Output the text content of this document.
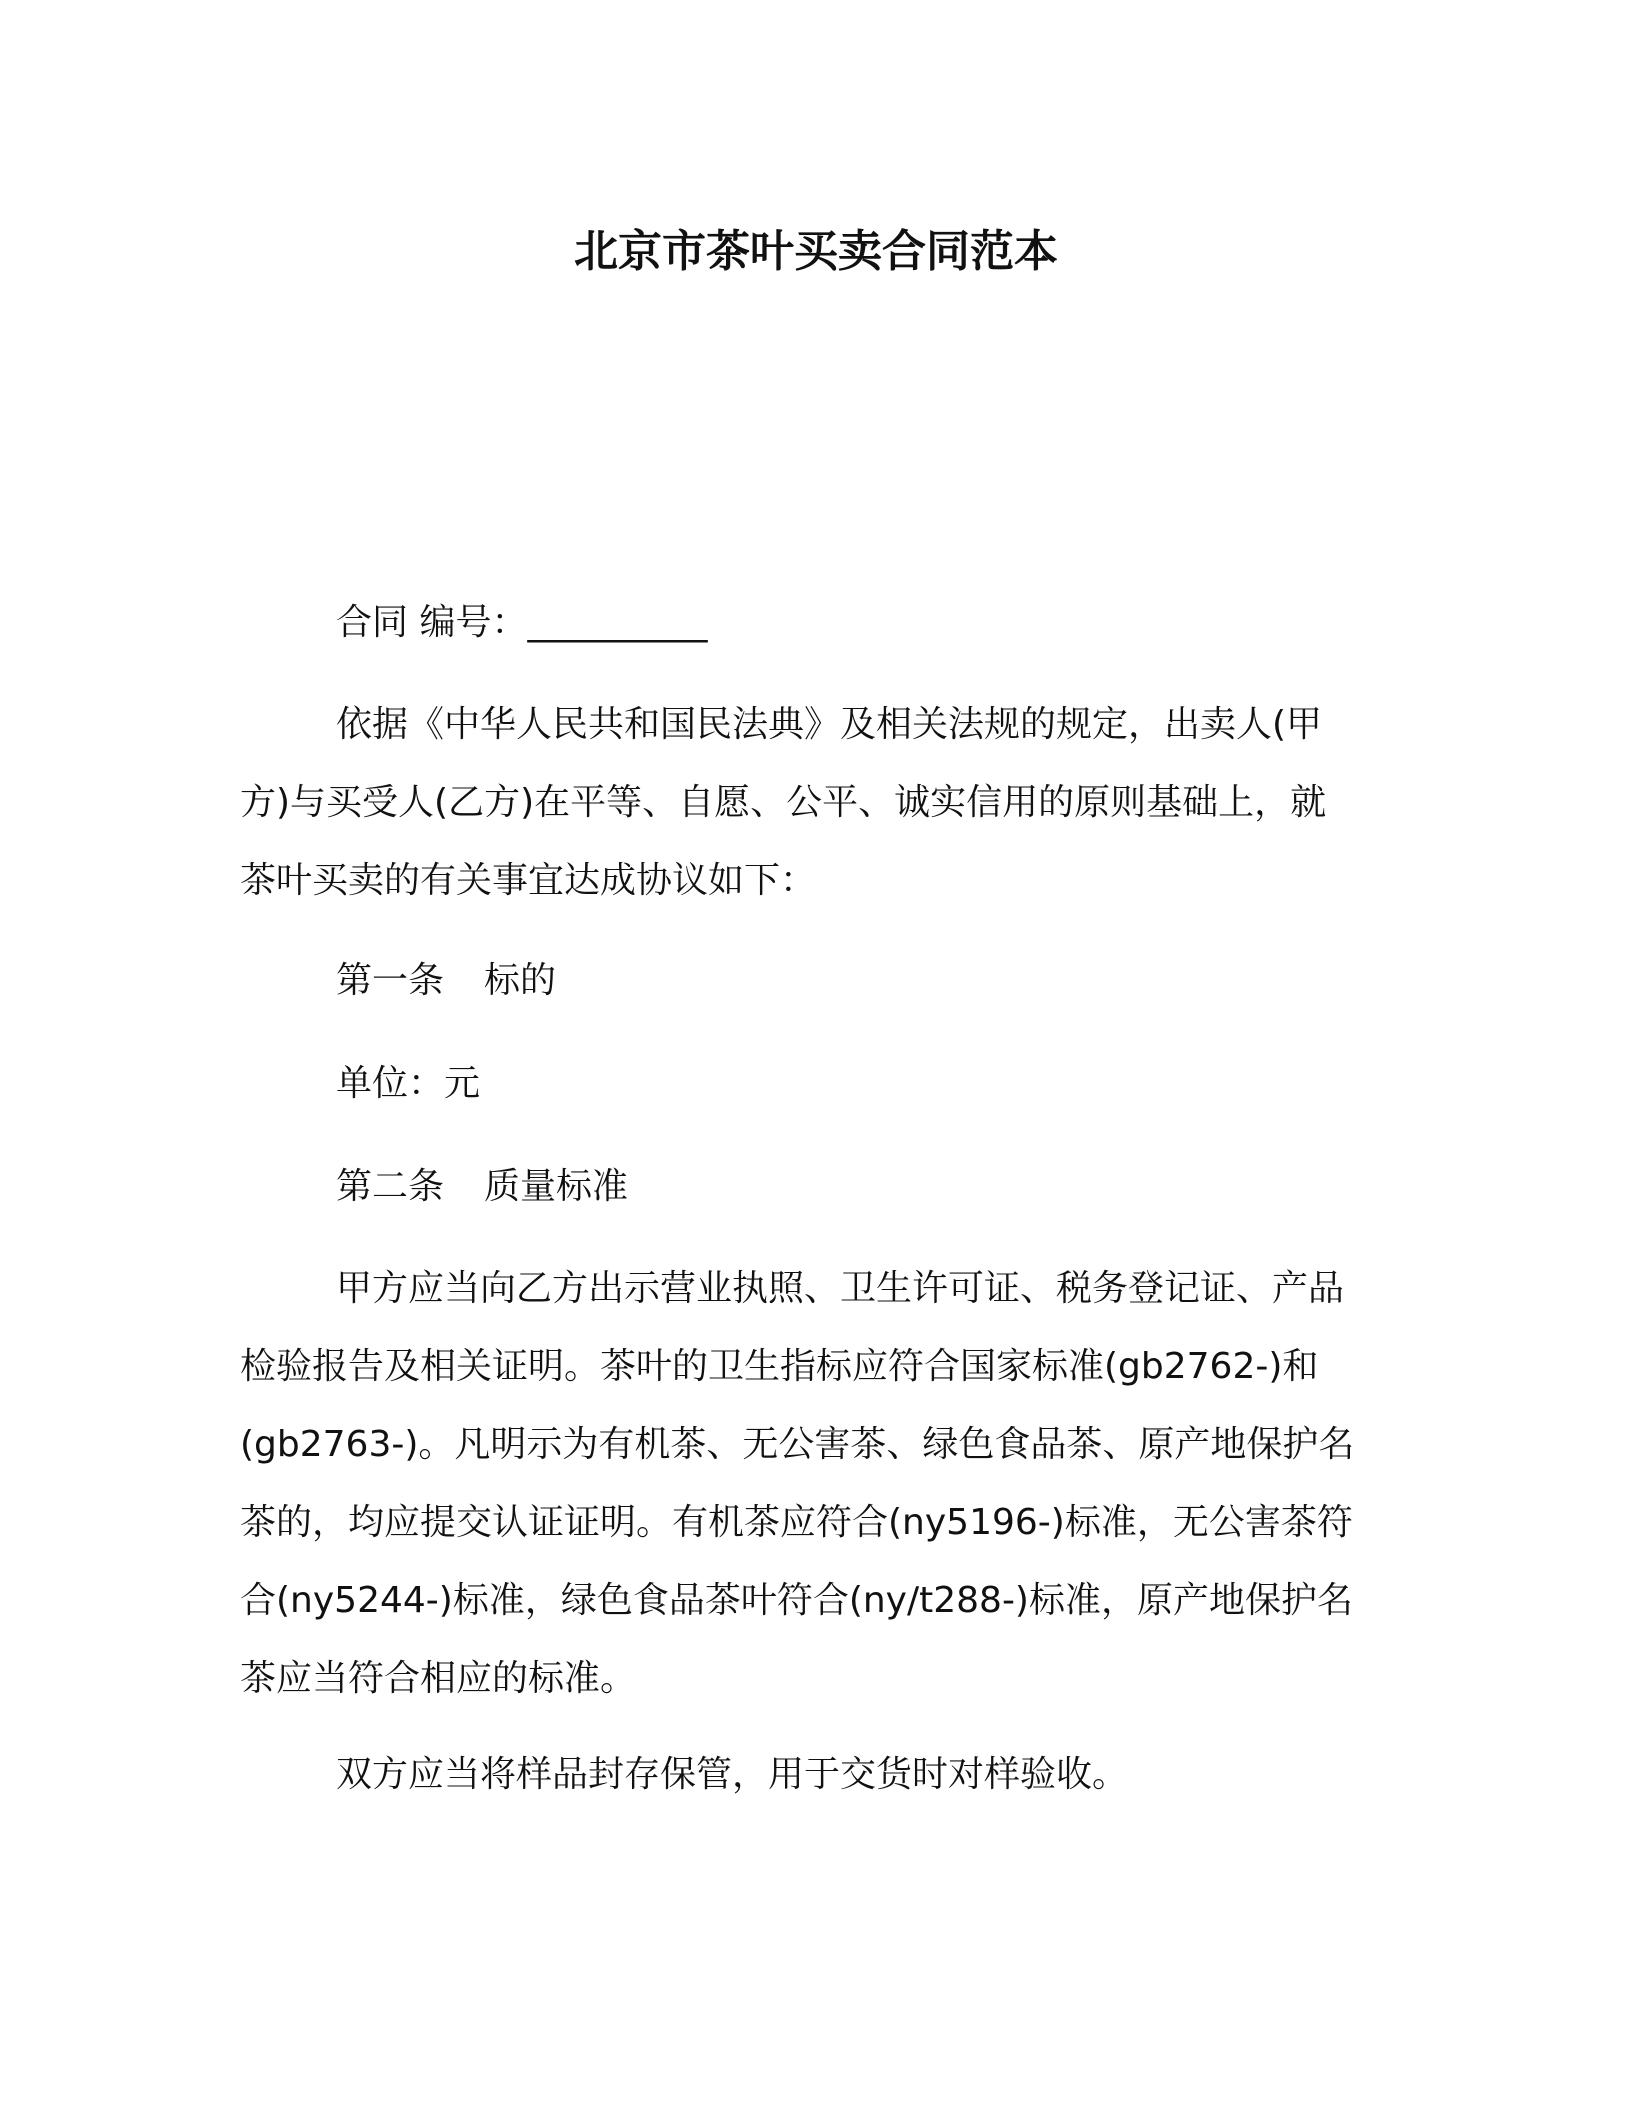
北京市茶叶买卖合同范本
合同 编号：__________
依据《中华人民共和国民法典》及相关法规的规定，出卖人(甲
方)与买受人(乙方)在平等、自愿、公平、诚实信用的原则基础上，就
茶叶买卖的有关事宜达成协议如下：
第一条 标的
单位：元
第二条 质量标准
甲方应当向乙方出示营业执照、卫生许可证、税务登记证、产品
检验报告及相关证明。茶叶的卫生指标应符合国家标准(gb2762-)和
(gb2763-)。凡明示为有机茶、无公害茶、绿色食品茶、原产地保护名
茶的，均应提交认证证明。有机茶应符合(ny5196-)标准，无公害茶符
合(ny5244-)标准，绿色食品茶叶符合(ny/t288-)标准，原产地保护名
茶应当符合相应的标准。
双方应当将样品封存保管，用于交货时对样验收。
